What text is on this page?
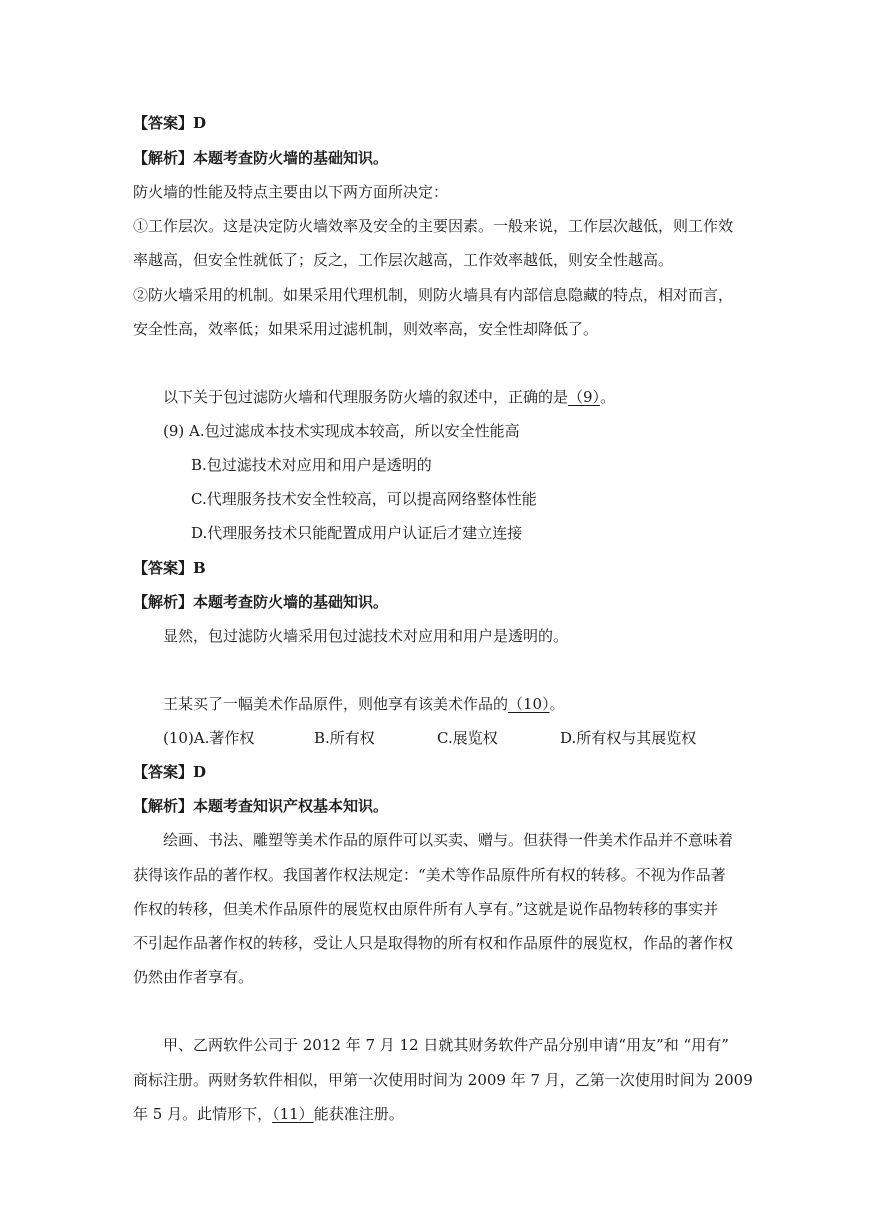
【答案】D
【解析】本题考查防火墙的基础知识。
防火墙的性能及特点主要由以下两方面所决定：
①工作层次。这是决定防火墙效率及安全的主要因素。一般来说，工作层次越低，则工作效
率越高，但安全性就低了；反之，工作层次越高，工作效率越低，则安全性越高。
②防火墙采用的机制。如果采用代理机制，则防火墙具有内部信息隐藏的特点，相对而言，
安全性高，效率低；如果采用过滤机制，则效率高，安全性却降低了。
以下关于包过滤防火墙和代理服务防火墙的叙述中，正确的是（9）。
(9) A.包过滤成本技术实现成本较高，所以安全性能高
B.包过滤技术对应用和用户是透明的
C.代理服务技术安全性较高，可以提高网络整体性能
D.代理服务技术只能配置成用户认证后才建立连接
【答案】B
【解析】本题考查防火墙的基础知识。
显然，包过滤防火墙采用包过滤技术对应用和用户是透明的。
王某买了一幅美术作品原件，则他享有该美术作品的（10）。
(10)A.著作权	B.所有权	C.展览权	D.所有权与其展览权
【答案】D
【解析】本题考查知识产权基本知识。
绘画、书法、雕塑等美术作品的原件可以买卖、赠与。但获得一件美术作品并不意味着
获得该作品的著作权。我国著作权法规定：“美术等作品原件所有权的转移。不视为作品著
作权的转移，但美术作品原件的展览权由原件所有人享有。”这就是说作品物转移的事实并
不引起作品著作权的转移，受让人只是取得物的所有权和作品原件的展览权，作品的著作权
仍然由作者享有。
甲、乙两软件公司于 2012 年 7 月 12 日就其财务软件产品分别申请“用友”和 “用有”
商标注册。两财务软件相似，甲第一次使用时间为 2009 年 7 月，乙第一次使用时间为 2009
年 5 月。此情形下，（11）能获准注册。
